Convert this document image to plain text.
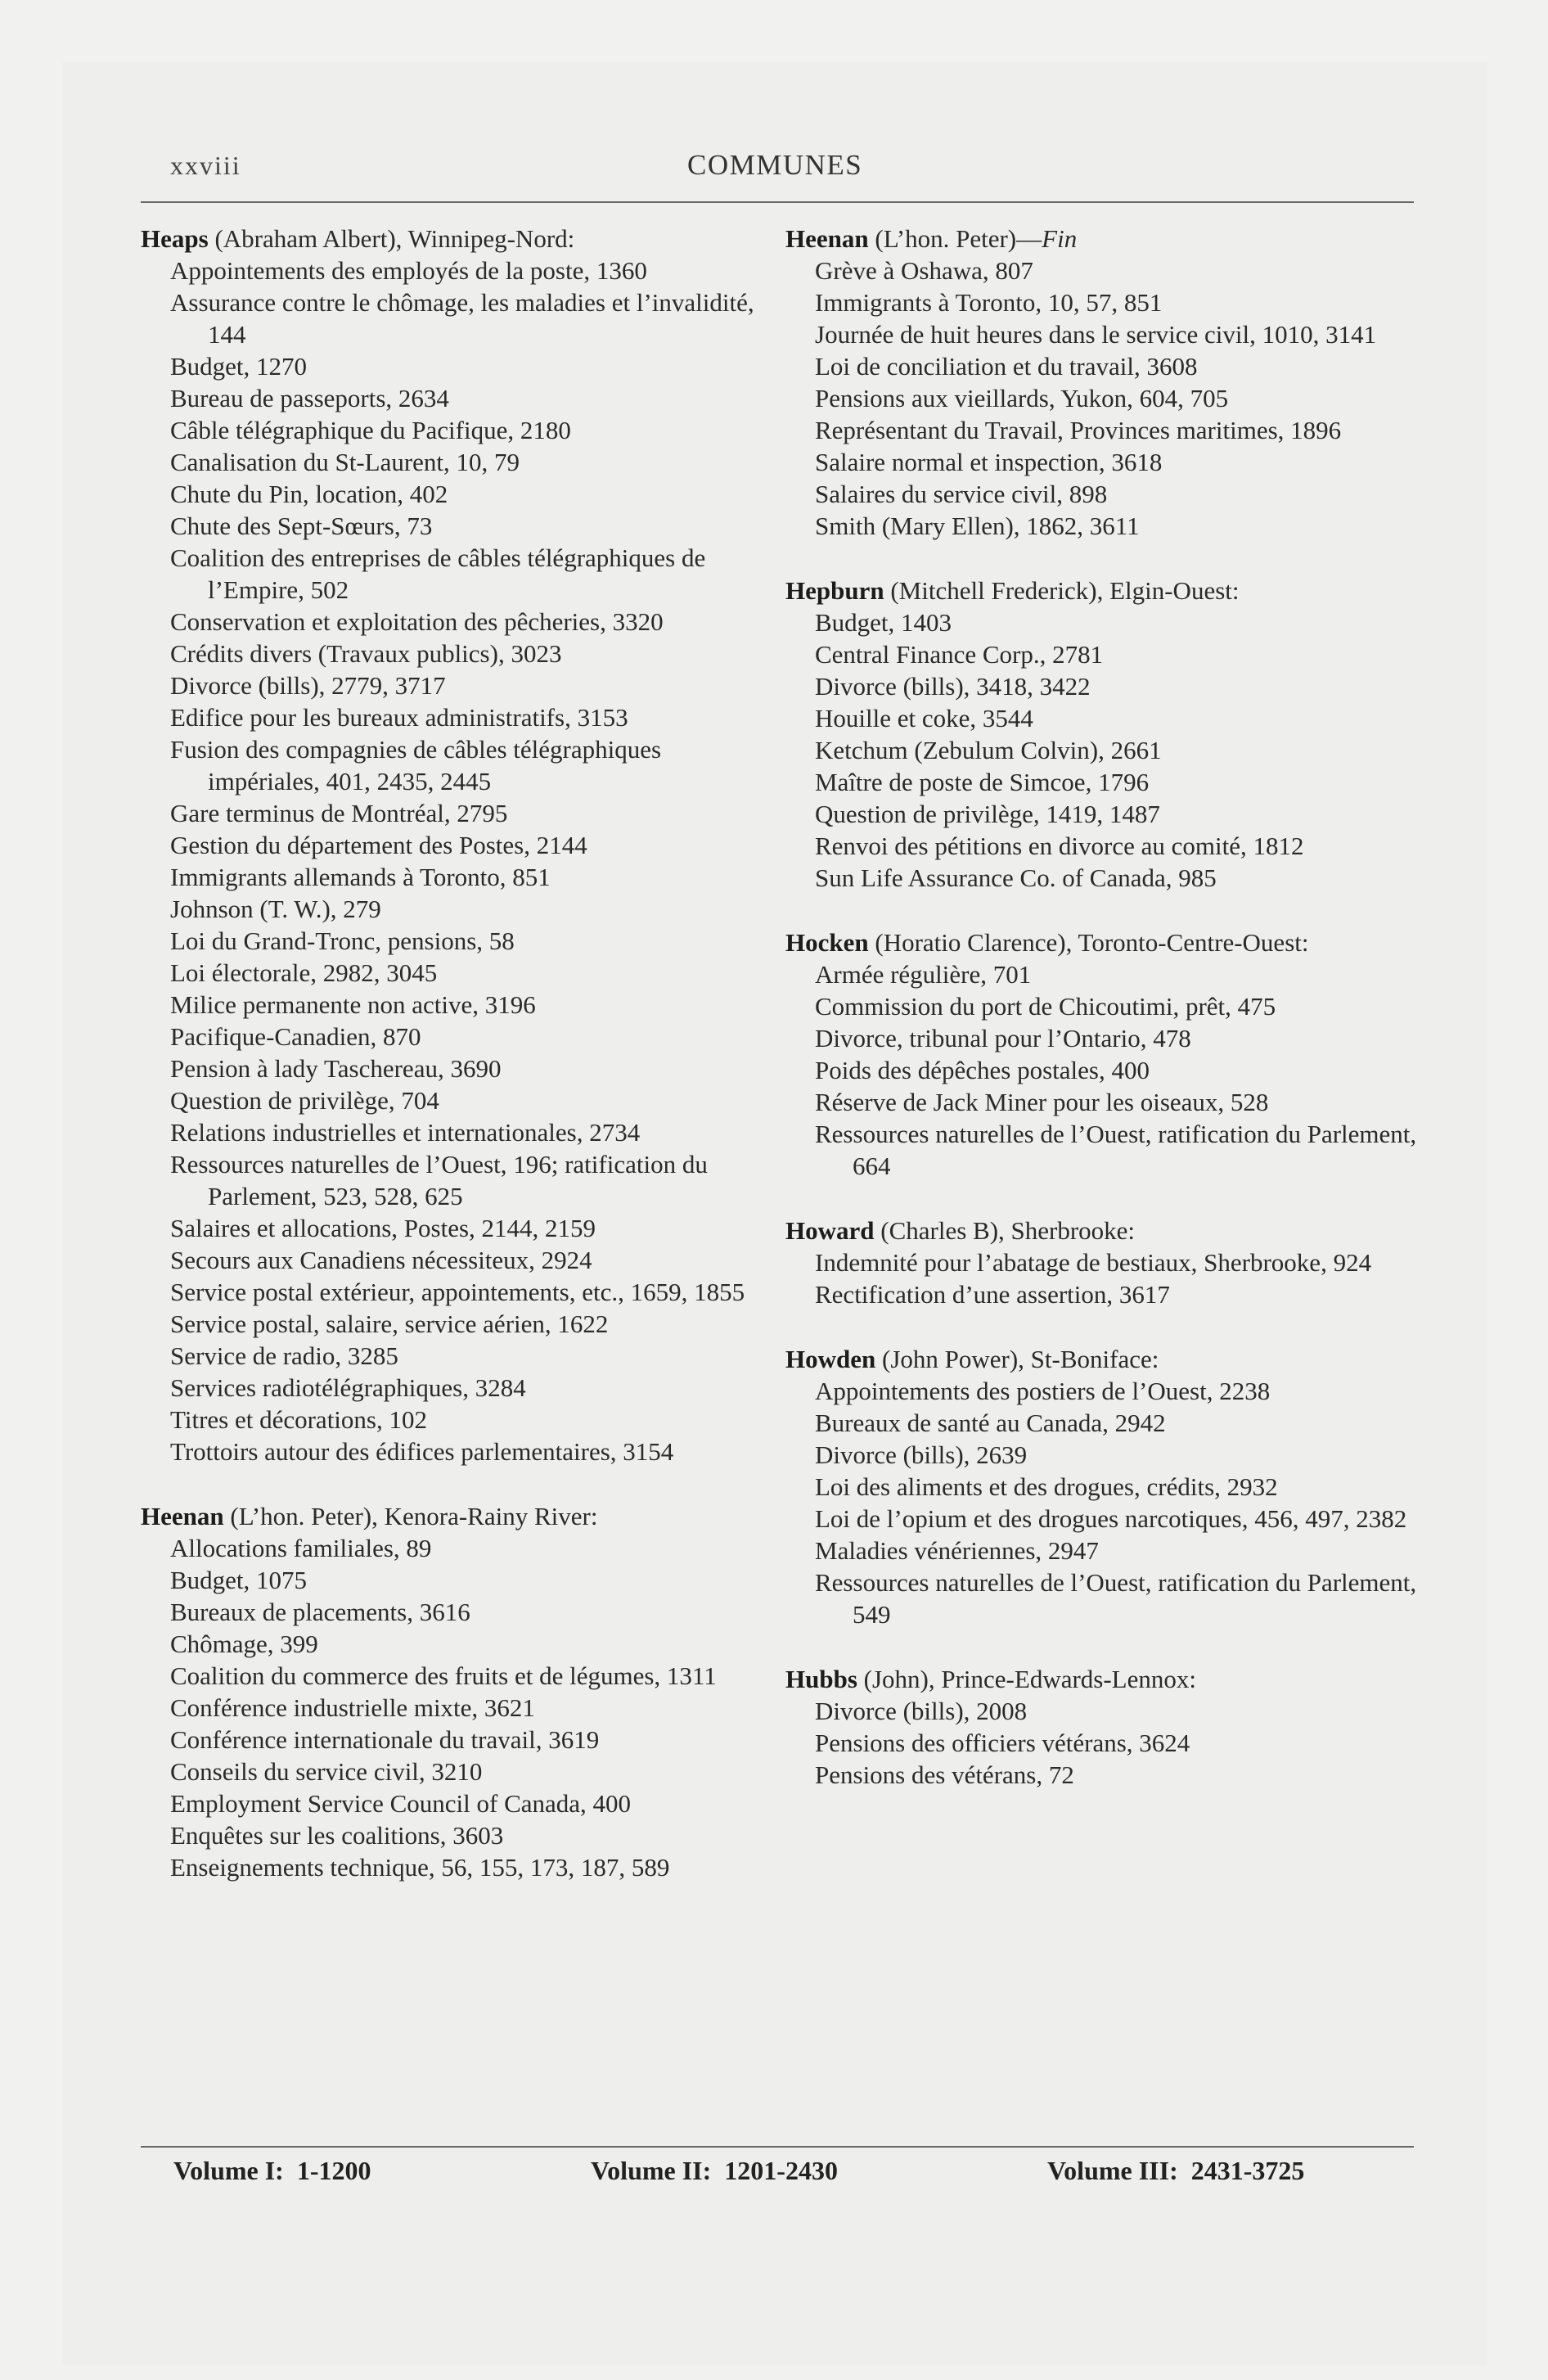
xxviii	COMMUNES
Heaps (Abraham Albert), Winnipeg-Nord:
Appointements des employés de la poste, 1360
Assurance contre le chômage, les maladies et l’invalidité, 144
Budget, 1270
Bureau de passeports, 2634
Câble télégraphique du Pacifique, 2180
Canalisation du St-Laurent, 10, 79
Chute du Pin, location, 402
Chute des Sept-Sœurs, 73
Coalition des entreprises de câbles télégraphiques de l’Empire, 502
Conservation et exploitation des pêcheries, 3320
Crédits divers (Travaux publics), 3023
Divorce (bills), 2779, 3717
Edifice pour les bureaux administratifs, 3153
Fusion des compagnies de câbles télégraphiques impériales, 401, 2435, 2445
Gare terminus de Montréal, 2795
Gestion du département des Postes, 2144
Immigrants allemands à Toronto, 851
Johnson (T. W.), 279
Loi du Grand-Tronc, pensions, 58
Loi électorale, 2982, 3045
Milice permanente non active, 3196
Pacifique-Canadien, 870
Pension à lady Taschereau, 3690
Question de privilège, 704
Relations industrielles et internationales, 2734
Ressources naturelles de l’Ouest, 196; ratification du Parlement, 523, 528, 625
Salaires et allocations, Postes, 2144, 2159
Secours aux Canadiens nécessiteux, 2924
Service postal extérieur, appointements, etc., 1659, 1855
Service postal, salaire, service aérien, 1622
Service de radio, 3285
Services radiotélégraphiques, 3284
Titres et décorations, 102
Trottoirs autour des édifices parlementaires, 3154
Heenan (L’hon. Peter), Kenora-Rainy River:
Allocations familiales, 89
Budget, 1075
Bureaux de placements, 3616
Chômage, 399
Coalition du commerce des fruits et de légumes, 1311
Conférence industrielle mixte, 3621
Conférence internationale du travail, 3619
Conseils du service civil, 3210
Employment Service Council of Canada, 400
Enquêtes sur les coalitions, 3603
Enseignements technique, 56, 155, 173, 187, 589
Heenan (L’hon. Peter)—Fin
Grève à Oshawa, 807
Immigrants à Toronto, 10, 57, 851
Journée de huit heures dans le service civil, 1010, 3141
Loi de conciliation et du travail, 3608
Pensions aux vieillards, Yukon, 604, 705
Représentant du Travail, Provinces maritimes, 1896
Salaire normal et inspection, 3618
Salaires du service civil, 898
Smith (Mary Ellen), 1862, 3611
Hepburn (Mitchell Frederick), Elgin-Ouest:
Budget, 1403
Central Finance Corp., 2781
Divorce (bills), 3418, 3422
Houille et coke, 3544
Ketchum (Zebulum Colvin), 2661
Maître de poste de Simcoe, 1796
Question de privilège, 1419, 1487
Renvoi des pétitions en divorce au comité, 1812
Sun Life Assurance Co. of Canada, 985
Hocken (Horatio Clarence), Toronto-Centre-Ouest:
Armée régulière, 701
Commission du port de Chicoutimi, prêt, 475
Divorce, tribunal pour l’Ontario, 478
Poids des dépêches postales, 400
Réserve de Jack Miner pour les oiseaux, 528
Ressources naturelles de l’Ouest, ratification du Parlement, 664
Howard (Charles B), Sherbrooke:
Indemnité pour l’abatage de bestiaux, Sherbrooke, 924
Rectification d’une assertion, 3617
Howden (John Power), St-Boniface:
Appointements des postiers de l’Ouest, 2238
Bureaux de santé au Canada, 2942
Divorce (bills), 2639
Loi des aliments et des drogues, crédits, 2932
Loi de l’opium et des drogues narcotiques, 456, 497, 2382
Maladies vénériennes, 2947
Ressources naturelles de l’Ouest, ratification du Parlement, 549
Hubbs (John), Prince-Edwards-Lennox:
Divorce (bills), 2008
Pensions des officiers vétérans, 3624
Pensions des vétérans, 72
Volume I: 1-1200	Volume II: 1201-2430	Volume III: 2431-3725
